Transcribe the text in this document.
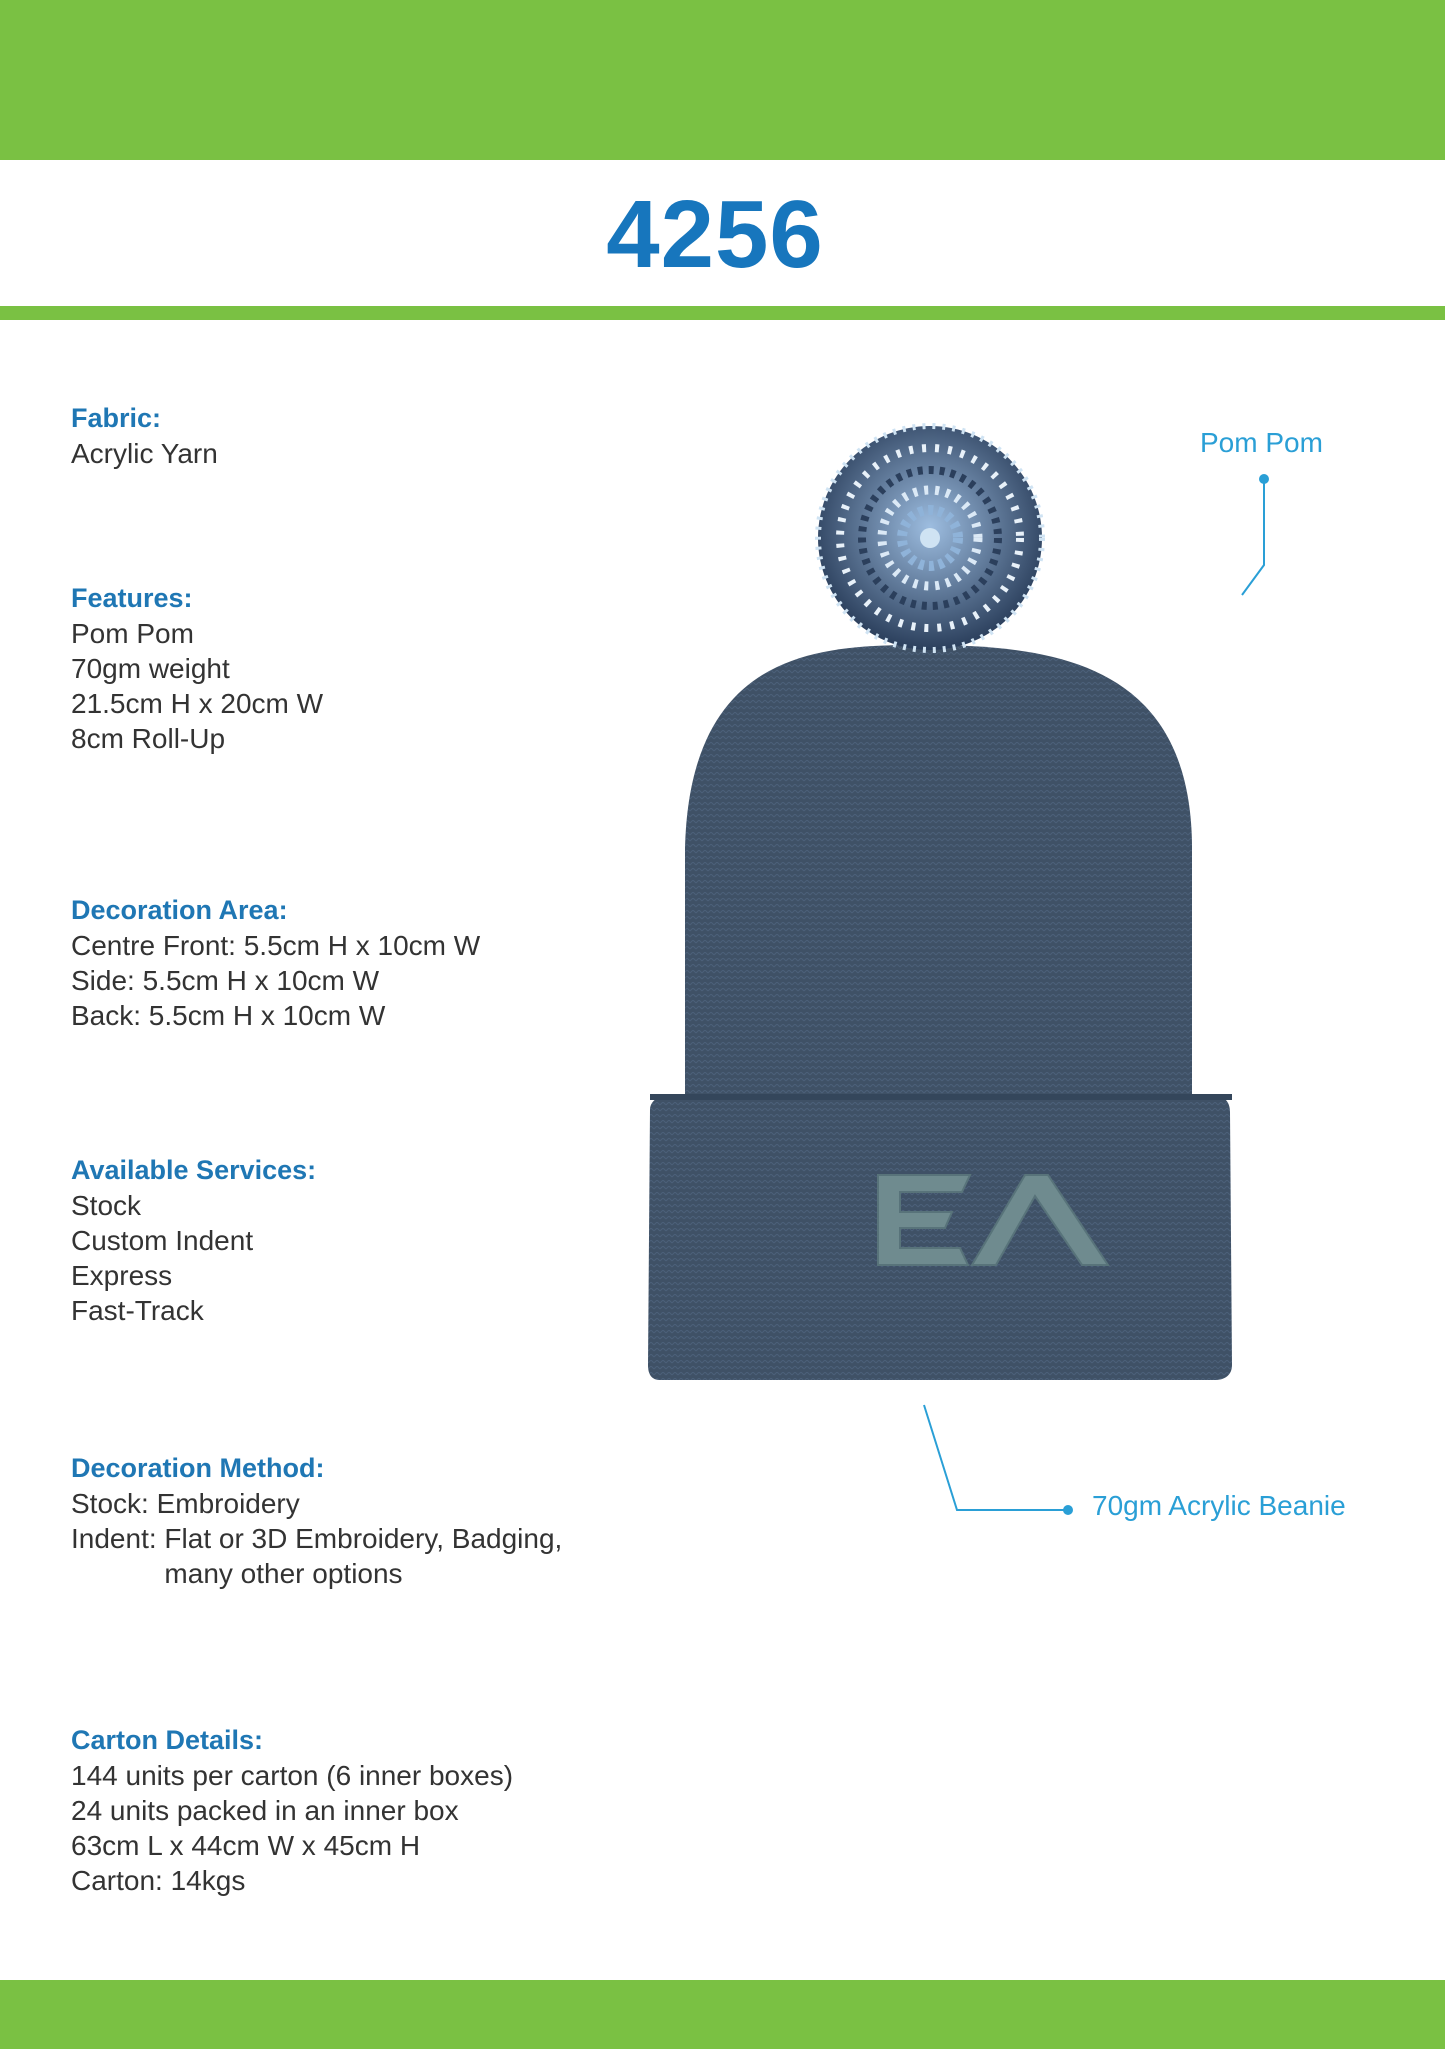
4256
Fabric:
Acrylic Yarn
Features:
Pom Pom
70gm weight
21.5cm H x 20cm W
8cm Roll-Up
Decoration Area:
Centre Front: 5.5cm H x 10cm W
Side: 5.5cm H x 10cm W
Back: 5.5cm H x 10cm W
Available Services:
Stock
Custom Indent
Express
Fast-Track
Decoration Method:
Stock:
Embroidery
Indent:
Flat or 3D Embroidery, Badging, many other options
Carton Details:
144 units per carton (6 inner boxes)
24 units packed in an inner box
63cm L x 44cm W x 45cm H
Carton: 14kgs
Pom Pom
70gm Acrylic Beanie
